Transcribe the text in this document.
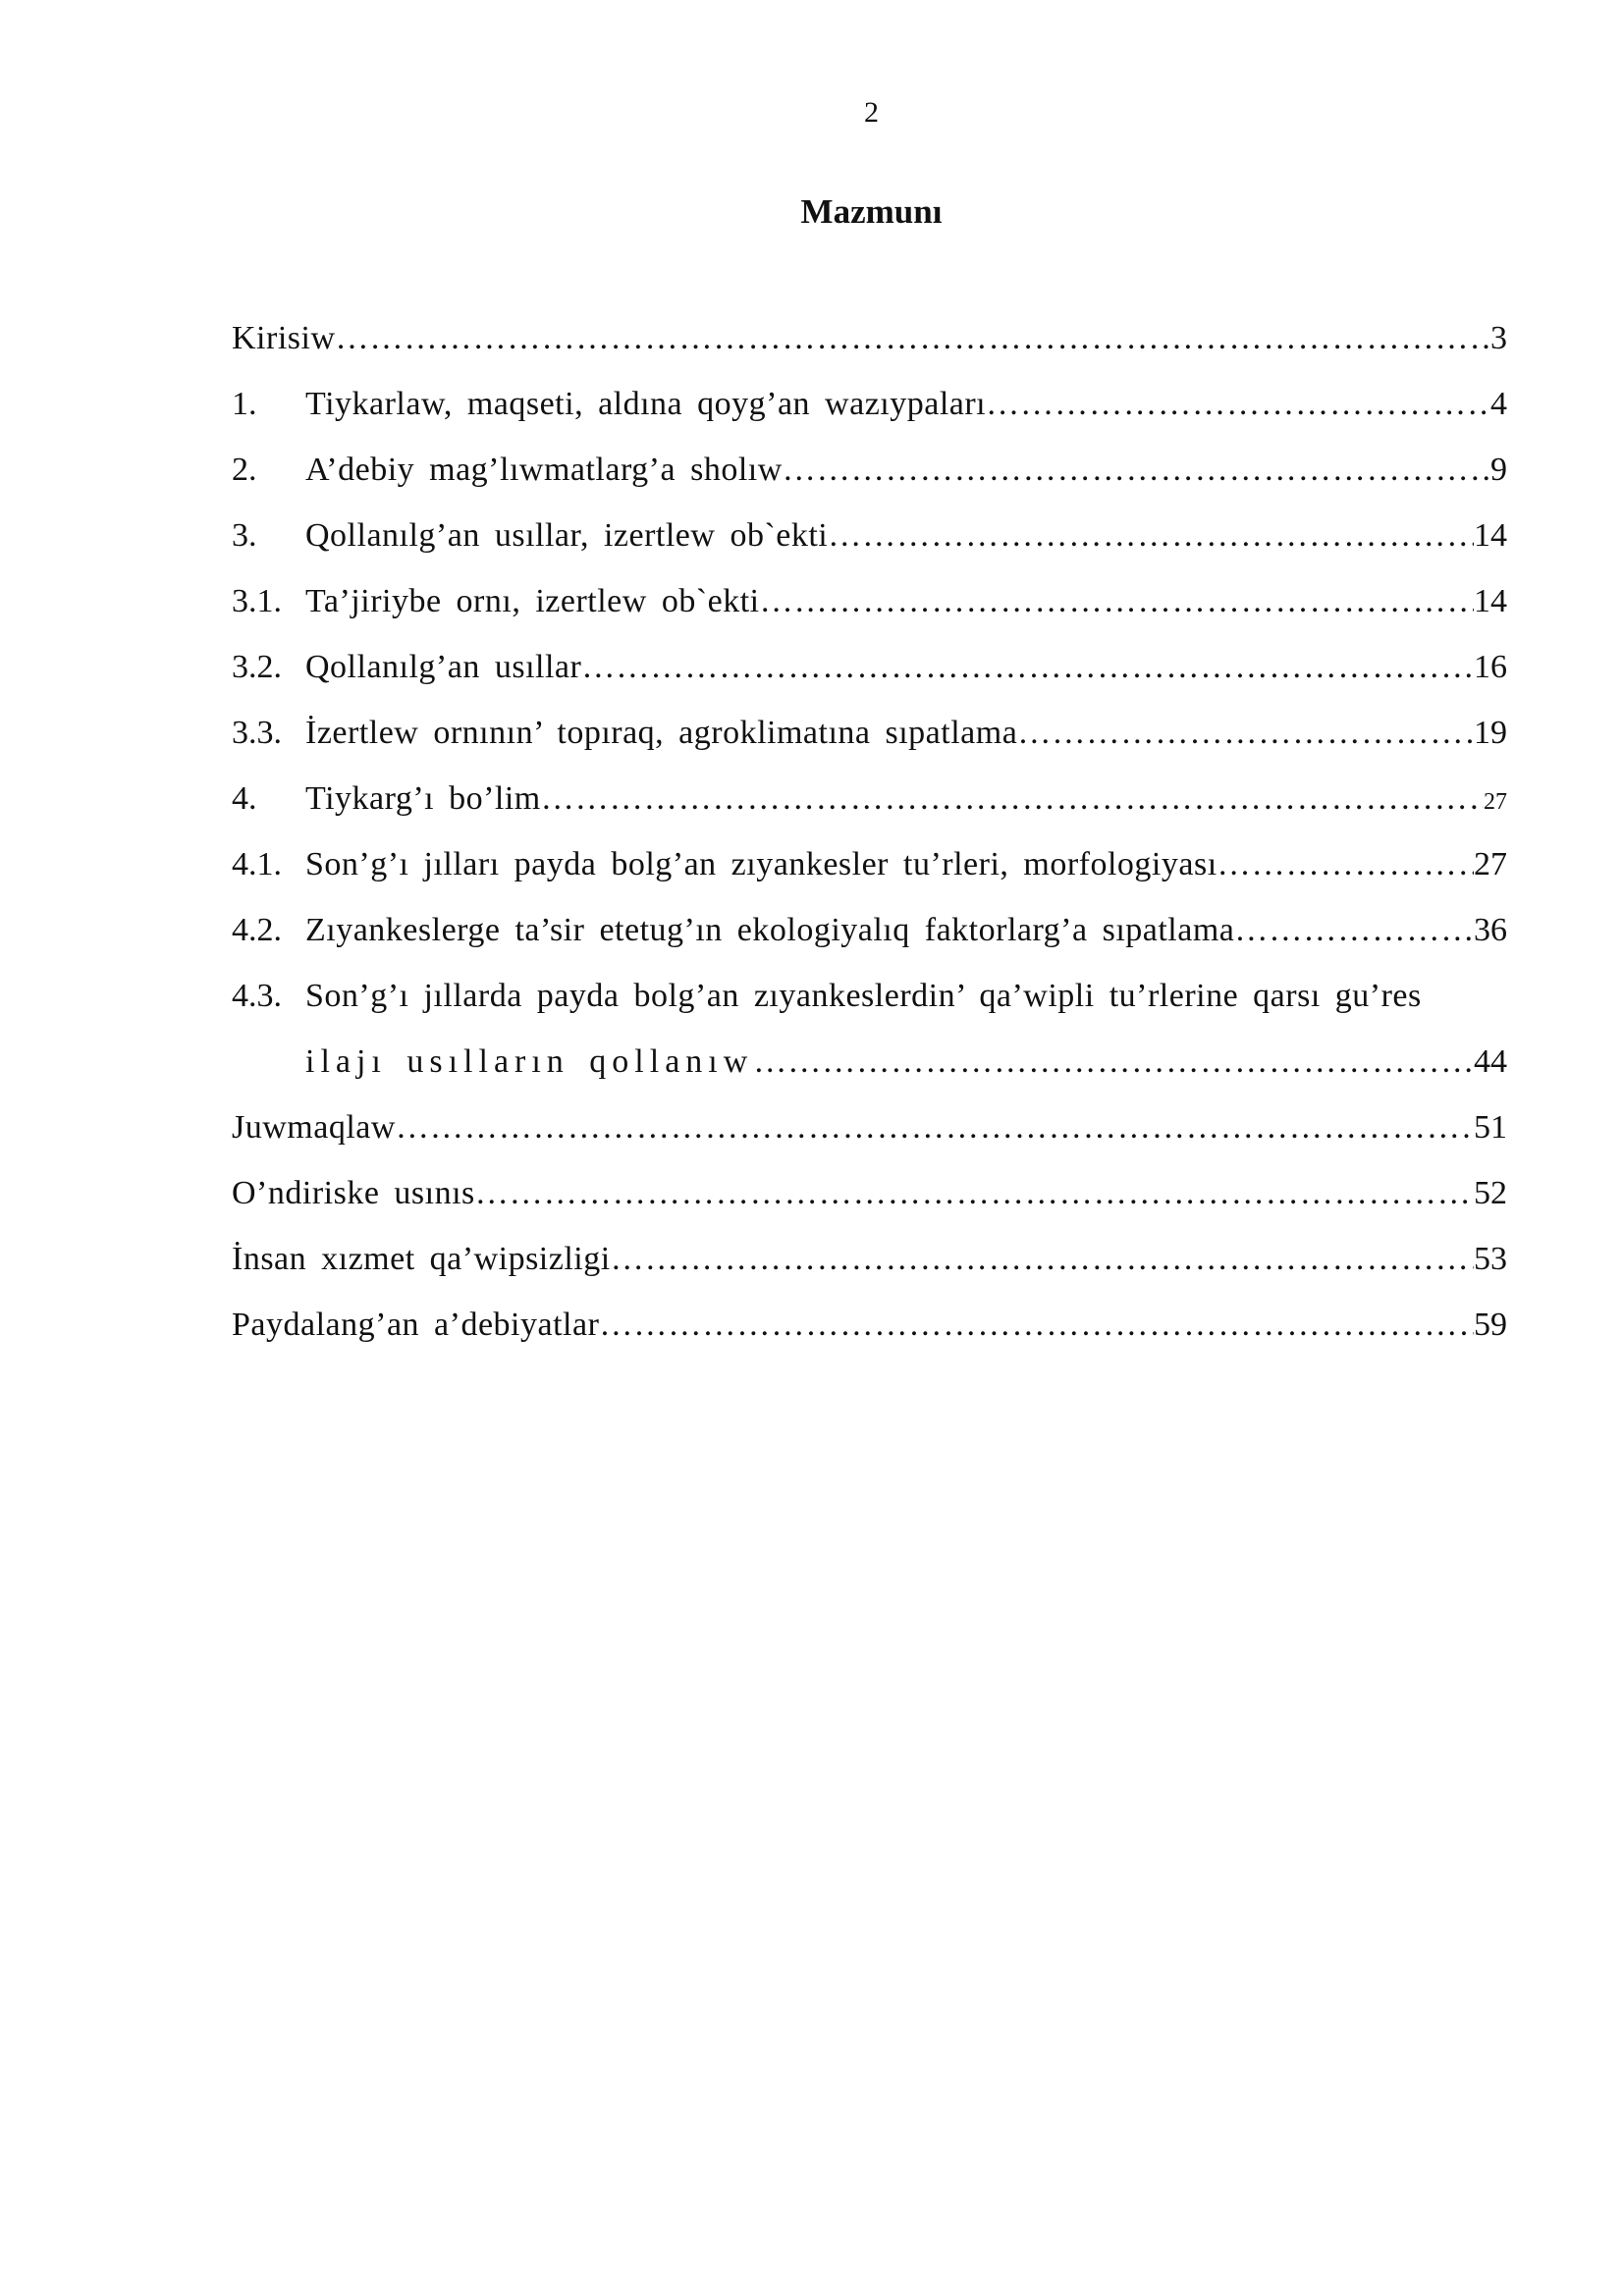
2
Mazmunı
Kirisiw ……………………………………………………………………………………………………………………………………………………………………………………	3
1.	Tiykarlaw, maqseti, aldına qoyg’an wazıypaları ……………………………………………………………………………………………………………………………………………………………………………………	4
2.	A’debiy mag’lıwmatlarg’a sholıw ……………………………………………………………………………………………………………………………………………………………………………………	9
3.	Qollanılg’an usıllar, izertlew ob`ekti ……………………………………………………………………………………………………………………………………………………………………………………	14
3.1. Ta’jiriybe ornı, izertlew ob`ekti ……………………………………………………………………………………………………………………………………………………………………………………	14
3.2. Qollanılg’an usıllar ……………………………………………………………………………………………………………………………………………………………………………………	16
3.3. İzertlew ornının’ topıraq, agroklimatına sıpatlama ……………………………………………………………………………………………………………………………………………………………………………………	19
4.	Tiykarg’ı bo’lim ……………………………………………………………………………………………………………………………………………………………………………………	27
4.1. Son’g’ı jılları payda bolg’an zıyankesler tu’rleri, morfologiyası ……………………………………………………………………………………………………………………………………………………………………………………	27
4.2. Zıyankeslerge ta’sir etetug’ın ekologiyalıq faktorlarg’a sıpatlama ……………………………………………………………………………………………………………………………………………………………………………………	36
4.3. Son’g’ı jıllarda payda bolg’an zıyankeslerdin’ qa’wipli tu’rlerine qarsı gu’res
ilajı usılların qollanıw ……………………………………………………………………………………………………………………………………………………………………………………	44
Juwmaqlaw ……………………………………………………………………………………………………………………………………………………………………………………	51
O’ndiriske usınıs ……………………………………………………………………………………………………………………………………………………………………………………	52
İnsan xızmet qa’wipsizligi ……………………………………………………………………………………………………………………………………………………………………………………	53
Paydalang’an a’debiyatlar ……………………………………………………………………………………………………………………………………………………………………………………	59
